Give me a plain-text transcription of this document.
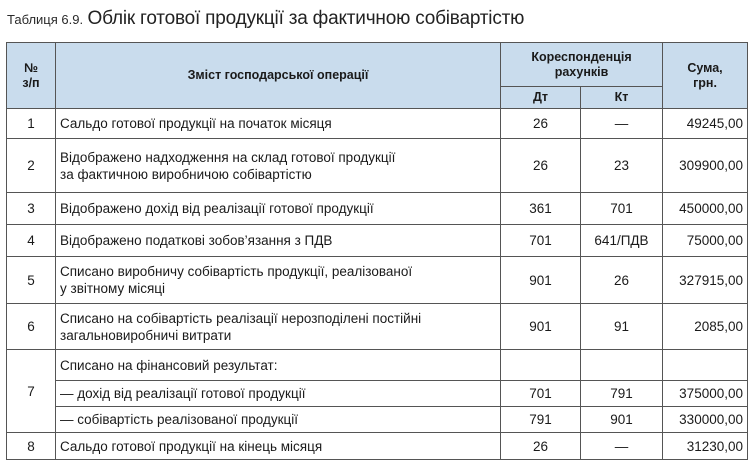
Таблиця 6.9. Облік готової продукції за фактичною собівартістю
№ з/п	Зміст господарської операції	Кореспонденція рахунків		Сума, грн.

		Дт	Кт	
1	Сальдо готової продукції на початок місяця	26	—	49245,00
2	Відображено надходження на склад готової продукції
за фактичною виробничою собівартістю	26	23	309900,00
3	Відображено дохід від реалізації готової продукції	361	701	450000,00
4	Відображено податкові зобов’язання з ПДВ	701	641/ПДВ	75000,00
5	Списано виробничу собівартість продукції, реалізованої
у звітному місяці	901	26	327915,00
6	Списано на собівартість реалізації нерозподілені постійні
загальновиробничі витрати	901	91	2085,00
7	Списано на фінансовий результат:			
	— дохід від реалізації готової продукції	701	791	375000,00
	— собівартість реалізованої продукції	791	901	330000,00
8	Сальдо готової продукції на кінець місяця	26	—	31230,00
